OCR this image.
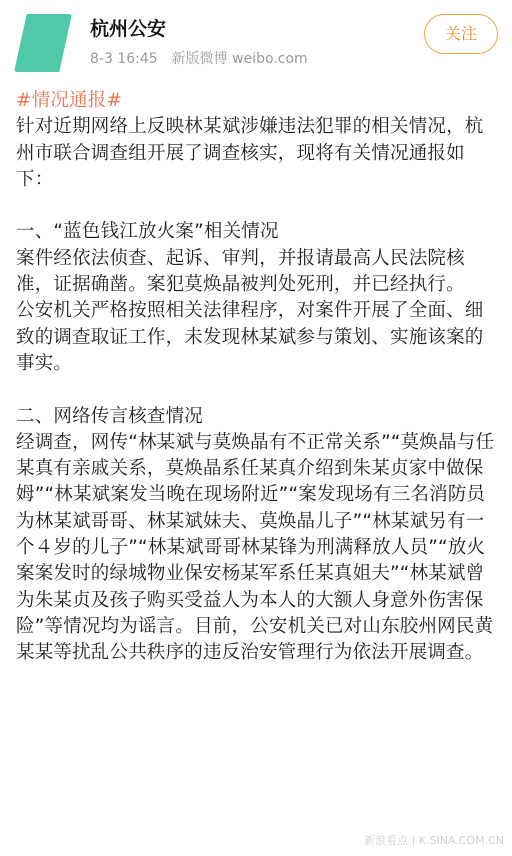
杭州公安
8-3 16:45 新版微博 weibo.com
关注

#情况通报#

针对近期网络上反映林某斌涉嫌违法犯罪的相关情况，杭州市联合调查组开展了调查核实，现将有关情况通报如下：

一、“蓝色钱江放火案”相关情况

案件经依法侦查、起诉、审判，并报请最高人民法院核准，证据确凿。案犯莫焕晶被判处死刑，并已经执行。

公安机关严格按照相关法律程序，对案件开展了全面、细致的调查取证工作，未发现林某斌参与策划、实施该案的事实。

二、网络传言核查情况

经调查，网传“林某斌与莫焕晶有不正常关系”“莫焕晶与任某真有亲戚关系，莫焕晶系任某真介绍到朱某贞家中做保姆”“林某斌案发当晚在现场附近”“案发现场有三名消防员为林某斌哥哥、林某斌妹夫、莫焕晶儿子”“林某斌另有一个４岁的儿子”“林某斌哥哥林某锋为刑满释放人员”“放火案案发时的绿城物业保安杨某军系任某真姐夫”“林某斌曾为朱某贞及孩子购买受益人为本人的大额人身意外伤害保险”等情况均为谣言。目前，公安机关已对山东胶州网民黄某某等扰乱公共秩序的违反治安管理行为依法开展调查。

新浪看点 | K.SINA.COM.CN
